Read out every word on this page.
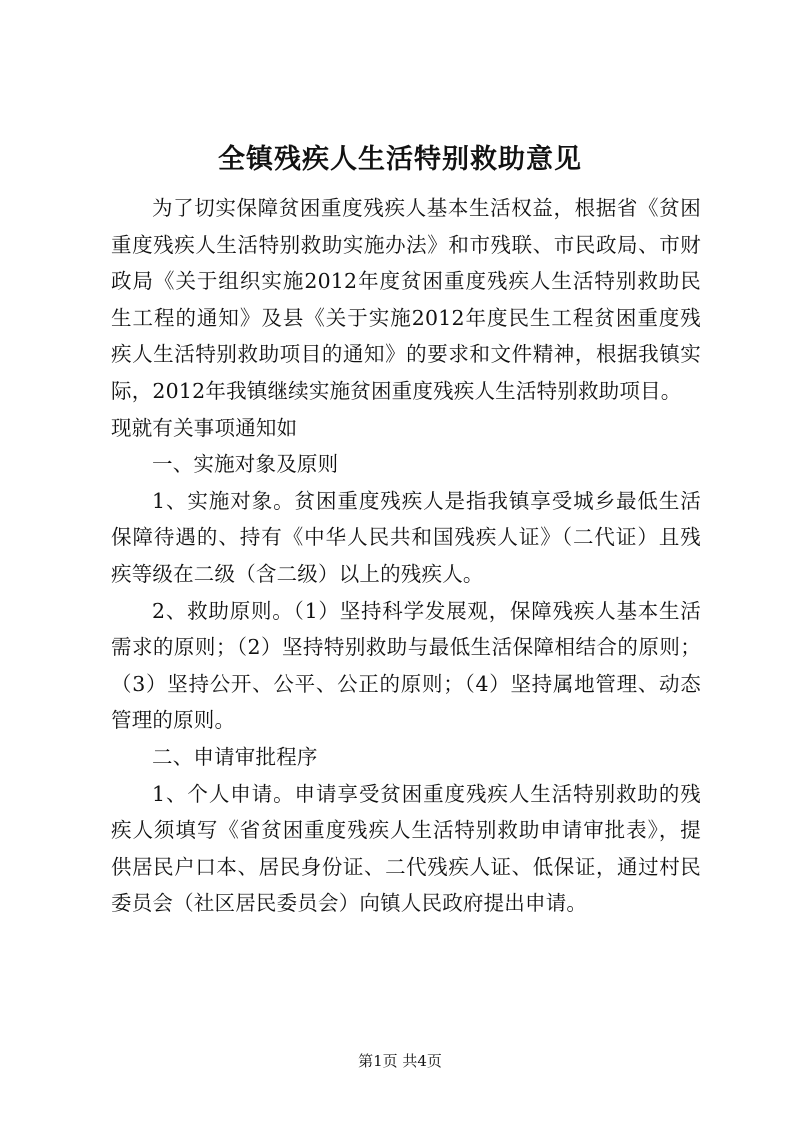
全镇残疾人生活特别救助意见

为了切实保障贫困重度残疾人基本生活权益，根据省《贫困重度残疾人生活特别救助实施办法》和市残联、市民政局、市财政局《关于组织实施2012年度贫困重度残疾人生活特别救助民生工程的通知》及县《关于实施2012年度民生工程贫困重度残疾人生活特别救助项目的通知》的要求和文件精神，根据我镇实际，2012年我镇继续实施贫困重度残疾人生活特别救助项目。

现就有关事项通知如

一、实施对象及原则

1、实施对象。贫困重度残疾人是指我镇享受城乡最低生活保障待遇的、持有《中华人民共和国残疾人证》（二代证）且残疾等级在二级（含二级）以上的残疾人。

2、救助原则。（1）坚持科学发展观，保障残疾人基本生活需求的原则；（2）坚持特别救助与最低生活保障相结合的原则；（3）坚持公开、公平、公正的原则；（4）坚持属地管理、动态管理的原则。

二、申请审批程序

1、个人申请。申请享受贫困重度残疾人生活特别救助的残疾人须填写《省贫困重度残疾人生活特别救助申请审批表》，提供居民户口本、居民身份证、二代残疾人证、低保证，通过村民委员会（社区居民委员会）向镇人民政府提出申请。

第1页 共4页
